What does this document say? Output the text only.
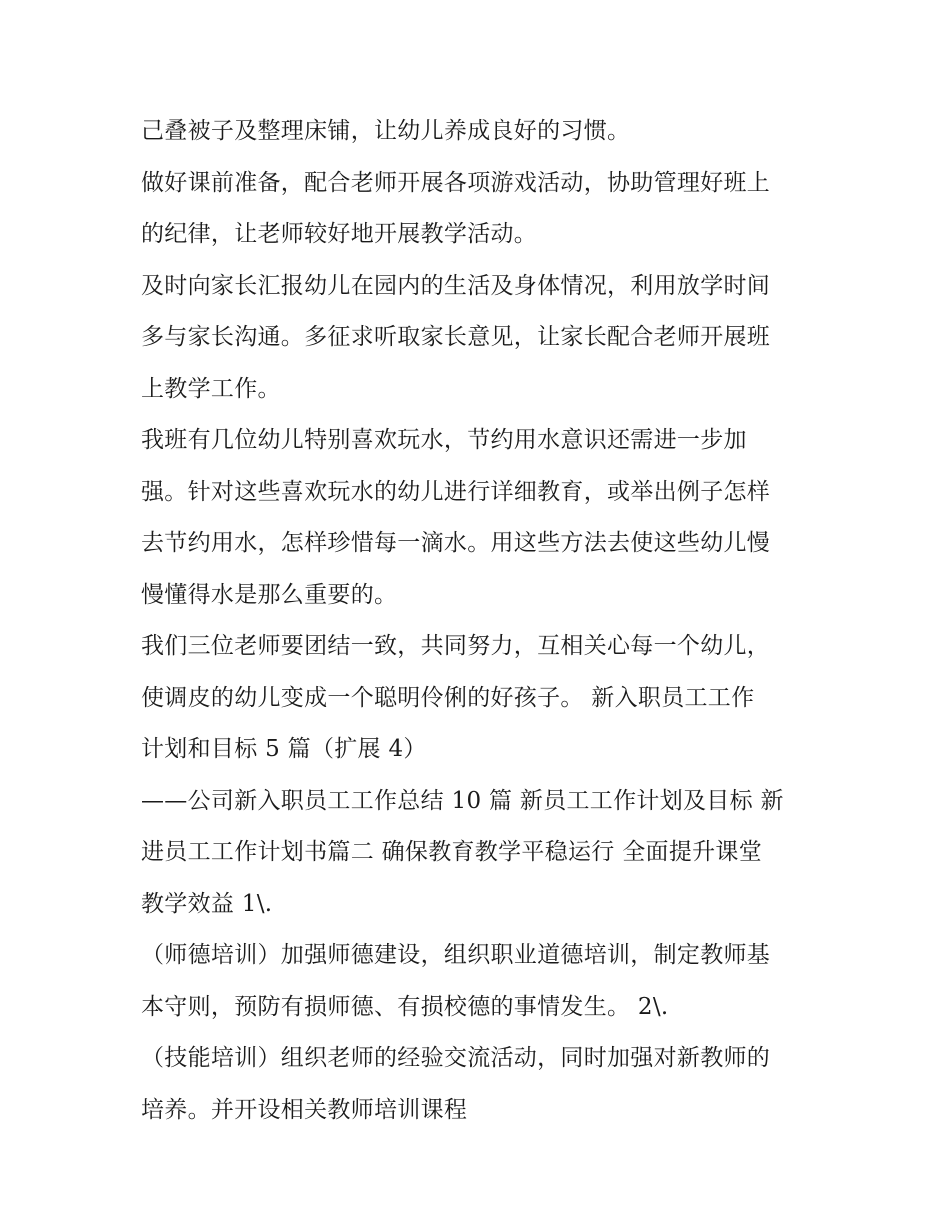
己叠被子及整理床铺，让幼儿养成良好的习惯。
做好课前准备，配合老师开展各项游戏活动，协助管理好班上
的纪律，让老师较好地开展教学活动。
及时向家长汇报幼儿在园内的生活及身体情况，利用放学时间
多与家长沟通。多征求听取家长意见，让家长配合老师开展班
上教学工作。
我班有几位幼儿特别喜欢玩水，节约用水意识还需进一步加
强。针对这些喜欢玩水的幼儿进行详细教育，或举出例子怎样
去节约用水，怎样珍惜每一滴水。用这些方法去使这些幼儿慢
慢懂得水是那么重要的。
我们三位老师要团结一致，共同努力，互相关心每一个幼儿，
使调皮的幼儿变成一个聪明伶俐的好孩子。 新入职员工工作
计划和目标 5 篇（扩展 4）
——公司新入职员工工作总结 10 篇 新员工工作计划及目标 新
进员工工作计划书篇二 确保教育教学平稳运行 全面提升课堂
教学效益 1\.
（师德培训）加强师德建设，组织职业道德培训，制定教师基
本守则，预防有损师德、有损校德的事情发生。 2\.
（技能培训）组织老师的经验交流活动，同时加强对新教师的
培养。并开设相关教师培训课程
